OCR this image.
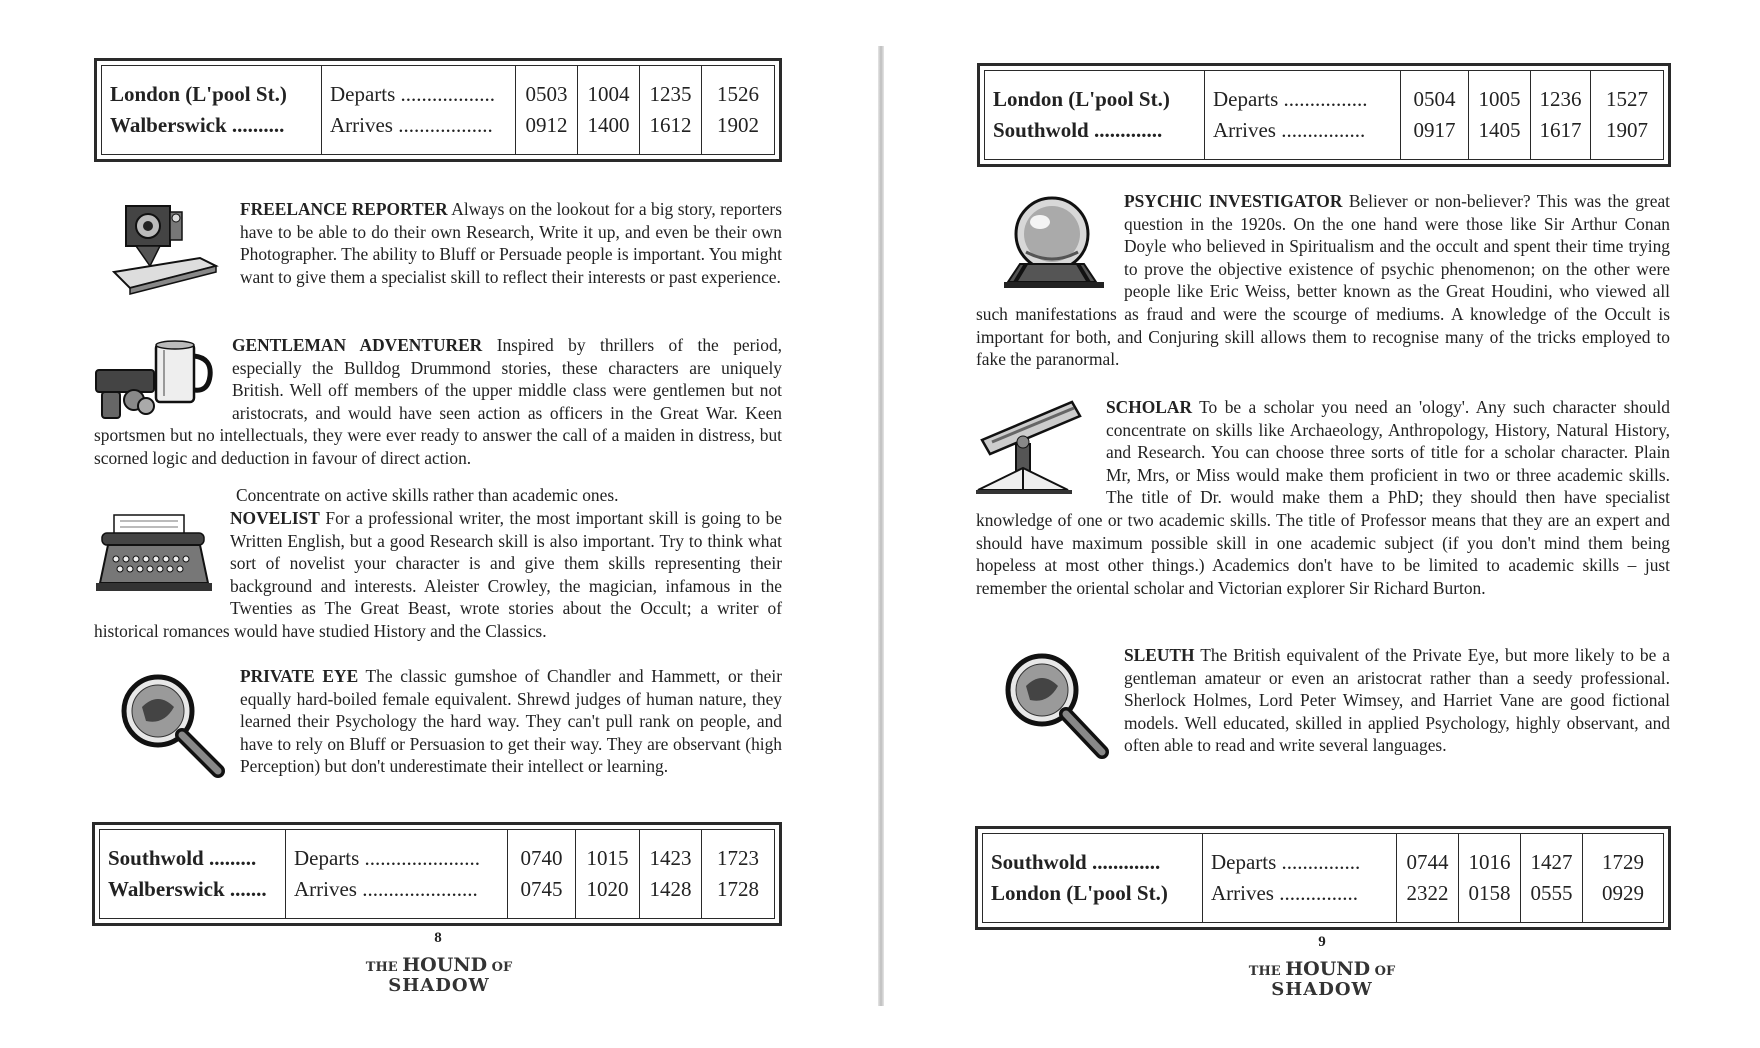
London (L'pool St.)
Walberswick ..........
Departs ..................
Arrives ..................
0503
0912
1004
1400
1235
1612
1526
1902
FREELANCE REPORTER

Always on the lookout for a big story, reporters have to be able to do their own Research, Write it up, and even be their own Photographer. The ability to Bluff or Persuade people is important. You might want to give them a specialist skill to reflect their interests or past experience.

GENTLEMAN ADVENTURER

Inspired by thrillers of the period, especially the Bulldog Drummond stories, these characters are uniquely British. Well off members of the upper middle class were gentlemen but not aristocrats, and would have seen action as officers in the Great War. Keen sportsmen but no intellectuals, they were ever ready to answer the call of a maiden in distress, but scorned logic and deduction in favour of direct action.

Concentrate on active skills rather than academic ones.
NOVELIST

For a professional writer, the most important skill is going to be Written English, but a good Research skill is also important. Try to think what sort of novelist your character is and give them skills representing their background and interests. Aleister Crowley, the magician, infamous in the Twenties as The Great Beast, wrote stories about the Occult; a writer of historical romances would have studied History and the Classics.

PRIVATE EYE

The classic gumshoe of Chandler and Hammett, or their equally hard-boiled female equivalent. Shrewd judges of human nature, they learned their Psychology the hard way. They can't pull rank on people, and have to rely on Bluff or Persuasion to get their way. They are observant (high Perception) but don't underestimate their intellect or learning.

Southwold .........
Walberswick .......
Departs ......................
Arrives ......................
0740
0745
1015
1020
1423
1428
1723
1728
8
THE HOUND OF
SHADOW
London (L'pool St.)
Southwold .............
Departs ................
Arrives ................
0504
0917
1005
1405
1236
1617
1527
1907
PSYCHIC INVESTIGATOR

Believer or non-believer? This was the great question in the 1920s. On the one hand were those like Sir Arthur Conan Doyle who believed in Spiritualism and the occult and spent their time trying to prove the objective existence of psychic phenomenon; on the other were people like Eric Weiss, better known as the Great Houdini, who viewed all such manifestations as fraud and were the scourge of mediums. A knowledge of the Occult is important for both, and Conjuring skill allows them to recognise many of the tricks employed to fake the paranormal.

SCHOLAR

To be a scholar you need an 'ology'. Any such character should concentrate on skills like Archaeology, Anthropology, History, Natural History, and Research. You can choose three sorts of title for a scholar character. Plain Mr, Mrs, or Miss would make them proficient in two or three academic skills. The title of Dr. would make them a PhD; they should then have specialist knowledge of one or two academic skills. The title of Professor means that they are an expert and should have maximum possible skill in one academic subject (if you don't mind them being hopeless at most other things.) Academics don't have to be limited to academic skills – just remember the oriental scholar and Victorian explorer Sir Richard Burton.

SLEUTH

The British equivalent of the Private Eye, but more likely to be a gentleman amateur or even an aristocrat rather than a seedy professional. Sherlock Holmes, Lord Peter Wimsey, and Harriet Vane are good fictional models. Well educated, skilled in applied Psychology, highly observant, and often able to read and write several languages.

Southwold .............
London (L'pool St.)
Departs ...............
Arrives ...............
0744
2322
1016
0158
1427
0555
1729
0929
9
THE HOUND OF
SHADOW
